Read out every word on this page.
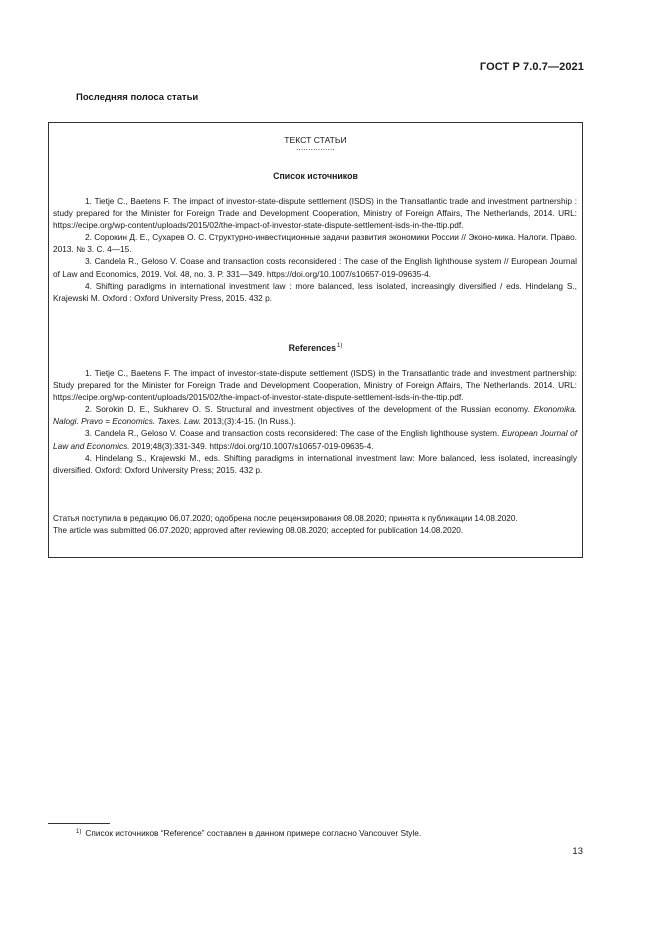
ГОСТ Р 7.0.7—2021
Последняя полоса статьи
ТЕКСТ СТАТЬИ
................
Список источников

1. Tietje C., Baetens F. The impact of investor-state-dispute settlement (ISDS) in the Transatlantic trade and investment partnership : study prepared for the Minister for Foreign Trade and Development Cooperation, Ministry of Foreign Affairs, The Netherlands, 2014. URL: https://ecipe.org/wp-content/uploads/2015/02/the-impact-of-investor-state-dispute-settlement-isds-in-the-ttip.pdf.

2. Сорокин Д. Е., Сухарев О. С. Структурно-инвестиционные задачи развития экономики России // Эконо-мика. Налоги. Право. 2013. № 3. С. 4—15.

3. Candela R., Geloso V. Coase and transaction costs reconsidered : The case of the English lighthouse system // European Journal of Law and Economics, 2019. Vol. 48, no. 3. P. 331—349. https://doi.org/10.1007/s10657-019-09635-4.

4. Shifting paradigms in international investment law : more balanced, less isolated, increasingly diversified / eds. Hindelang S., Krajewski M. Oxford : Oxford University Press, 2015. 432 p.

References$^{1)}$

1. Tietje C., Baetens F. The impact of investor-state-dispute settlement (ISDS) in the Transatlantic trade and investment partnership: Study prepared for the Minister for Foreign Trade and Development Cooperation, Ministry of Foreign Affairs, The Netherlands. 2014. URL: https://ecipe.org/wp-content/uploads/2015/02/the-impact-of-investor-state-dispute-settlement-isds-in-the-ttip.pdf.

2. Sorokin D. E., Sukharev O. S. Structural and investment objectives of the development of the Russian economy. Ekonomika. Nalogi. Pravo = Economics. Taxes. Law. 2013;(3):4-15. (In Russ.).

3. Candela R., Geloso V. Coase and transaction costs reconsidered: The case of the English lighthouse system. European Journal of Law and Economics. 2019;48(3):331-349. https://doi.org/10.1007/s10657-019-09635-4.

4. Hindelang S., Krajewski M., eds. Shifting paradigms in international investment law: More balanced, less isolated, increasingly diversified. Oxford: Oxford University Press; 2015. 432 p.

Статья поступила в редакцию 06.07.2020; одобрена после рецензирования 08.08.2020; принята к публикации 14.08.2020.

The article was submitted 06.07.2020; approved after reviewing 08.08.2020; accepted for publication 14.08.2020.

$^{1)}$ Список источников “Reference” составлен в данном примере согласно Vancouver Style.
13
